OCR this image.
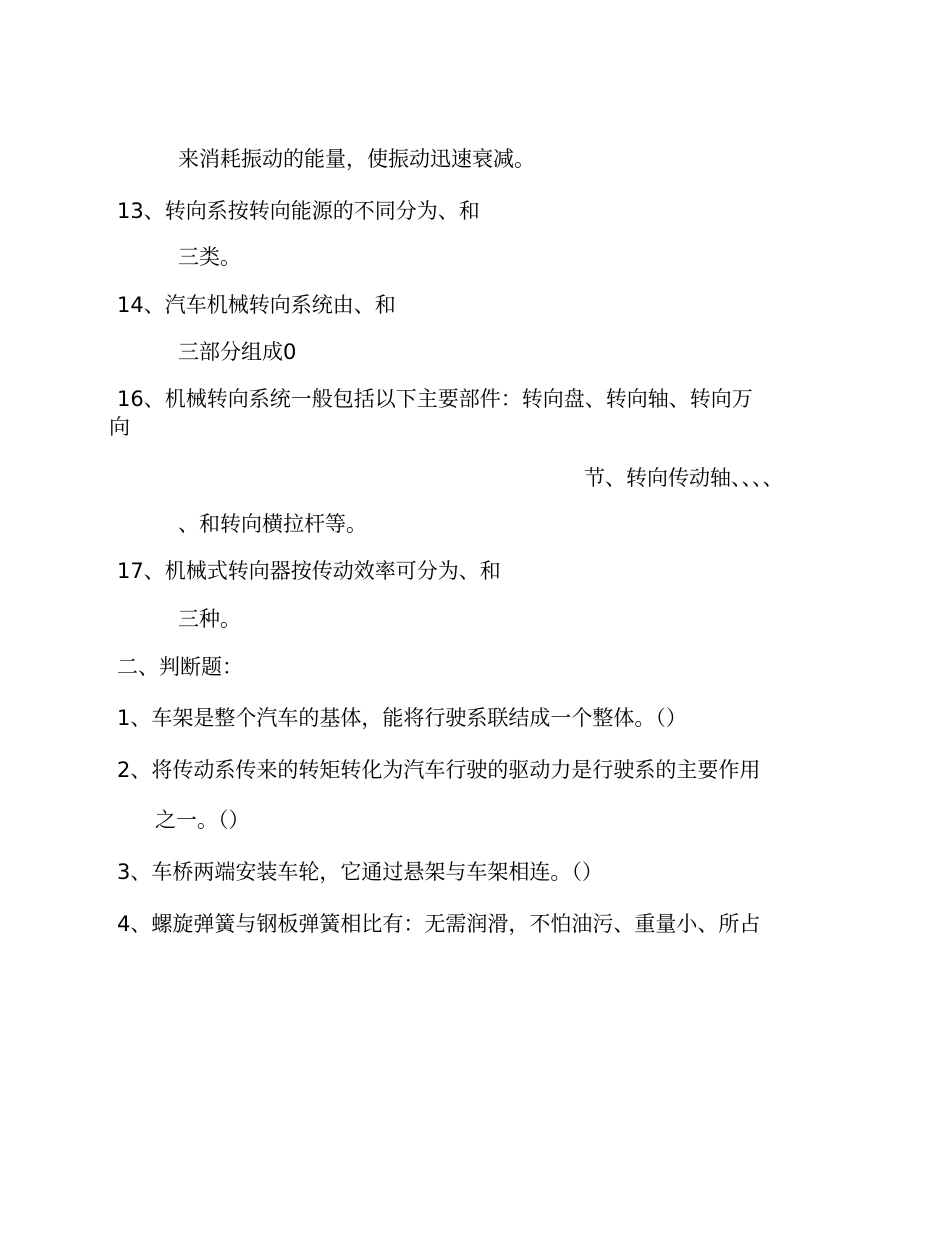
来消耗振动的能量，使振动迅速衰减。
13、转向系按转向能源的不同分为、和
三类。
14、汽车机械转向系统由、和
三部分组成0
16、机械转向系统一般包括以下主要部件：转向盘、转向轴、转向万
向
节、转向传动轴、、、、
、和转向横拉杆等。
17、机械式转向器按传动效率可分为、和
三种。
二、判断题：
1、车架是整个汽车的基体，能将行驶系联结成一个整体。（）
2、将传动系传来的转矩转化为汽车行驶的驱动力是行驶系的主要作用
之一。（）
3、车桥两端安装车轮，它通过悬架与车架相连。（）
4、螺旋弹簧与钢板弹簧相比有：无需润滑，不怕油污、重量小、所占
